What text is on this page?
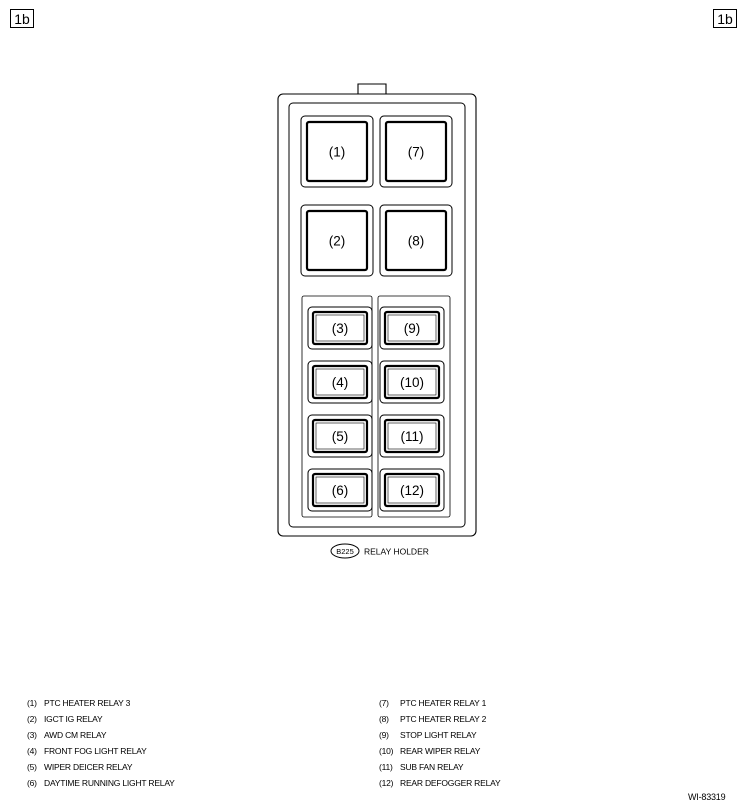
1b	1b
(1)	(7)
(2)	(8)
(3)	(9)
(4)	(10)
(5)	(11)
(6)	(12)
B225 RELAY HOLDER
(1) PTC HEATER RELAY 3
(2) IGCT IG RELAY
(3) AWD CM RELAY
(4) FRONT FOG LIGHT RELAY
(5) WIPER DEICER RELAY
(6) DAYTIME RUNNING LIGHT RELAY
(7) PTC HEATER RELAY 1
(8) PTC HEATER RELAY 2
(9) STOP LIGHT RELAY
(10) REAR WIPER RELAY
(11) SUB FAN RELAY
(12) REAR DEFOGGER RELAY
WI-83319
